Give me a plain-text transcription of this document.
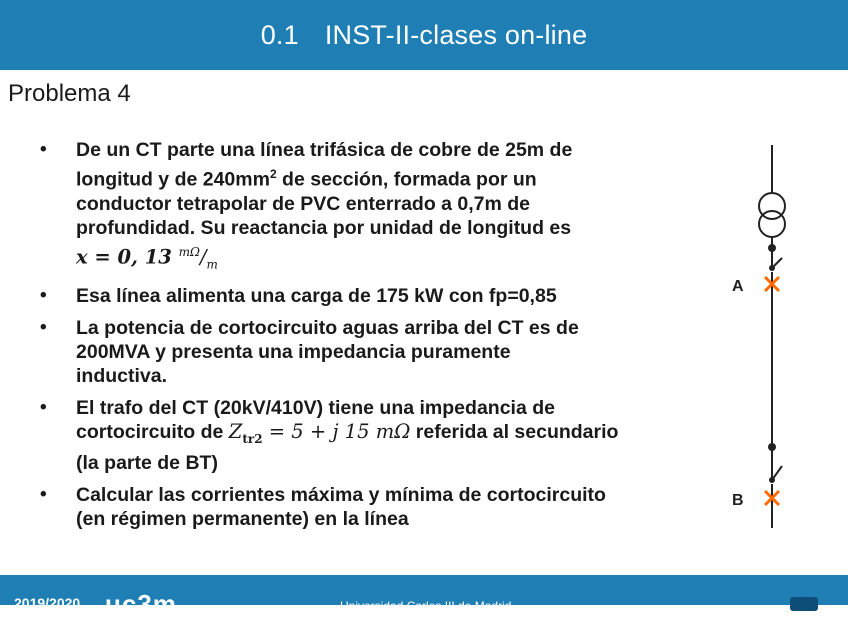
0.1 INST-II-clases on-line
Problema 4
• De un CT parte una línea trifásica de cobre de 25m de
longitud y de $240mm^2$ de sección, formada por un
conductor tetrapolar de PVC enterrado a 0,7m de
profundidad. Su reactancia por unidad de longitud es
x = 0, 13 $^{m\Omega}/_m$
• Esa línea alimenta una carga de 175 kW con fp=0,85
• La potencia de cortocircuito aguas arriba del CT es de
200MVA y presenta una impedancia puramente
inductiva.
• El trafo del CT (20kV/410V) tiene una impedancia de
cortocircuito de $Z_{tr2} = 5 + j$ 15 mΩ referida al secundario
(la parte de BT)
• Calcular las corrientes máxima y mínima de cortocircuito
(en régimen permanente) en la línea
A
B
2019/2020 uc3m	Universidad Carlos III de Madrid
